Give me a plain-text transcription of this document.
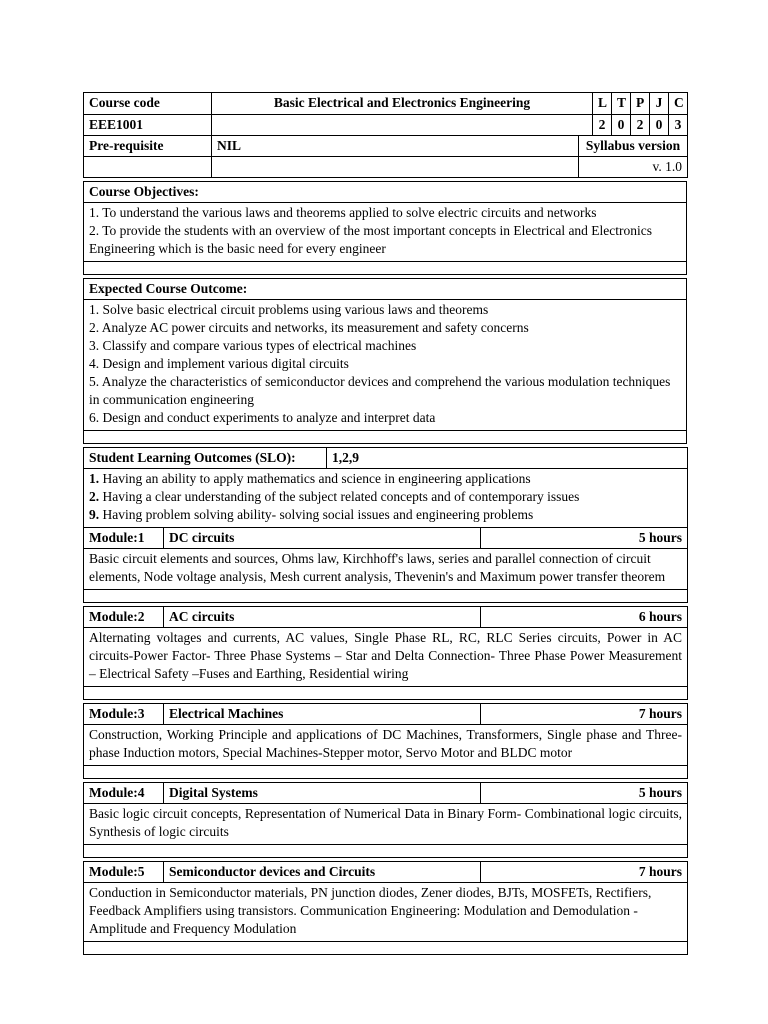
Course code	Basic Electrical and Electronics Engineering		L	T	P	J	C
EEE1001			2	0	2	0	3
Pre-requisite	NIL	Syllabus version					
		v. 1.0					
Course Objectives:

1. To understand the various laws and theorems applied to solve electric circuits and networks
2. To provide the students with an overview of the most important concepts in Electrical and Electronics Engineering which is the basic need for every engineer

Expected Course Outcome:

1. Solve basic electrical circuit problems using various laws and theorems
2. Analyze AC power circuits and networks, its measurement and safety concerns
3. Classify and compare various types of electrical machines
4. Design and implement various digital circuits
5. Analyze the characteristics of semiconductor devices and comprehend the various modulation techniques in communication engineering
6. Design and conduct experiments to analyze and interpret data

Student Learning Outcomes (SLO):		1,2,9	

1. Having an ability to apply mathematics and science in engineering applications
2. Having a clear understanding of the subject related concepts and of contemporary issues
9. Having problem solving ability- solving social issues and engineering problems			

Module:1	DC circuits		5 hours
Basic circuit elements and sources, Ohms law, Kirchhoff's laws, series and parallel connection of circuit elements, Node voltage analysis, Mesh current analysis, Thevenin's and Maximum power transfer theorem			

Module:2	AC circuits	6 hours
Alternating voltages and currents, AC values, Single Phase RL, RC, RLC Series circuits, Power in AC circuits-Power Factor- Three Phase Systems – Star and Delta Connection- Three Phase Power Measurement – Electrical Safety –Fuses and Earthing, Residential wiring

Module:3	Electrical Machines	7 hours
Construction, Working Principle and applications of DC Machines, Transformers, Single phase and Three-phase Induction motors, Special Machines-Stepper motor, Servo Motor and BLDC motor

Module:4	Digital Systems	5 hours
Basic logic circuit concepts, Representation of Numerical Data in Binary Form- Combinational logic circuits, Synthesis of logic circuits

Module:5	Semiconductor devices and Circuits	7 hours
Conduction in Semiconductor materials, PN junction diodes, Zener diodes, BJTs, MOSFETs, Rectifiers, Feedback Amplifiers using transistors. Communication Engineering: Modulation and Demodulation - Amplitude and Frequency Modulation
